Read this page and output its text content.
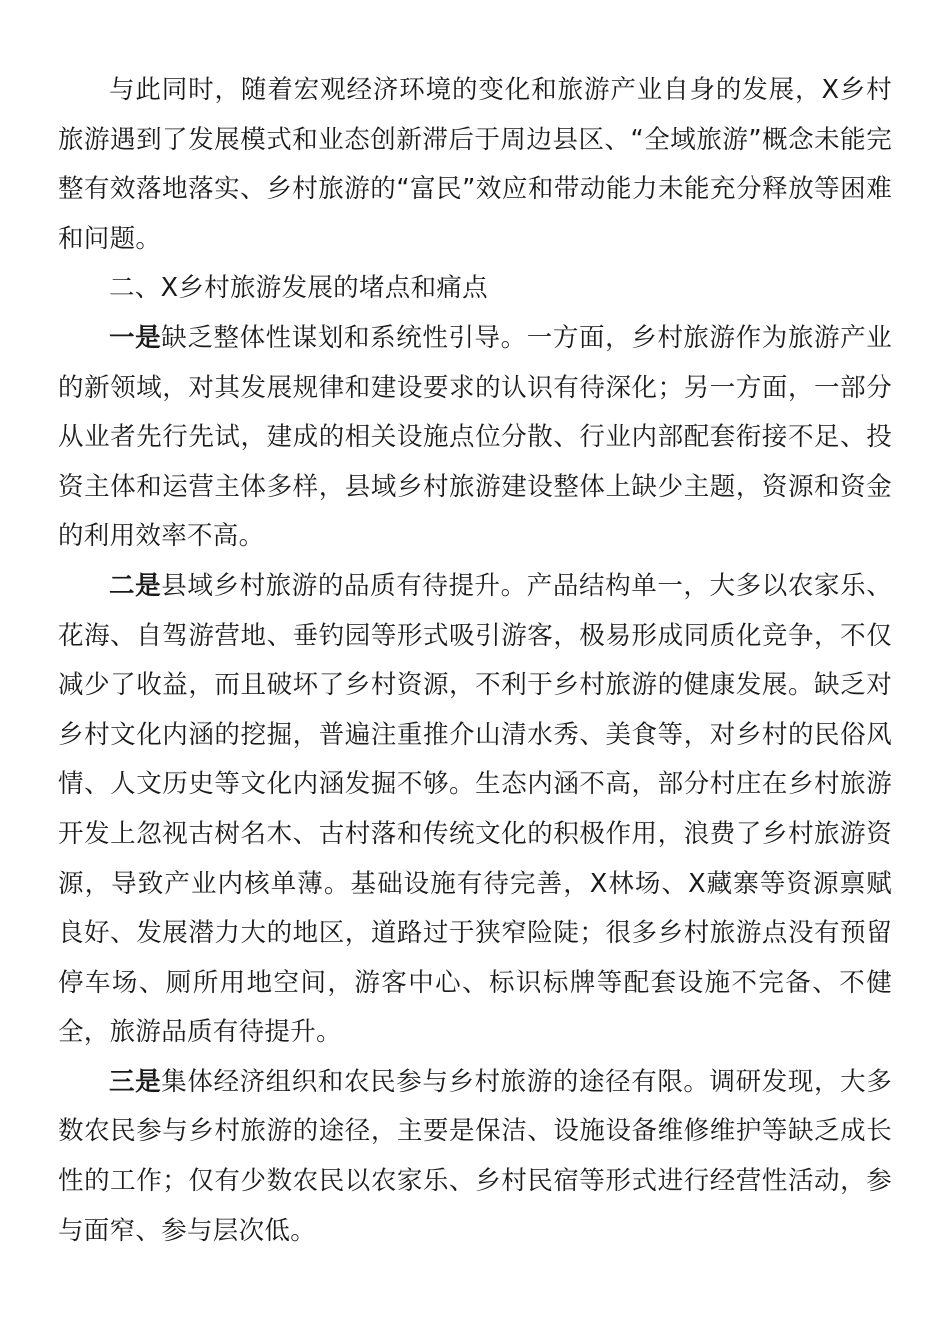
与此同时，随着宏观经济环境的变化和旅游产业自身的发展，X乡村旅游遇到了发展模式和业态创新滞后于周边县区、“全域旅游”概念未能完整有效落地落实、乡村旅游的“富民”效应和带动能力未能充分释放等困难和问题。

二、X乡村旅游发展的堵点和痛点

一是缺乏整体性谋划和系统性引导。一方面，乡村旅游作为旅游产业的新领域，对其发展规律和建设要求的认识有待深化；另一方面，一部分从业者先行先试，建成的相关设施点位分散、行业内部配套衔接不足、投资主体和运营主体多样，县域乡村旅游建设整体上缺少主题，资源和资金的利用效率不高。

二是县域乡村旅游的品质有待提升。产品结构单一，大多以农家乐、花海、自驾游营地、垂钓园等形式吸引游客，极易形成同质化竞争，不仅减少了收益，而且破坏了乡村资源，不利于乡村旅游的健康发展。缺乏对乡村文化内涵的挖掘，普遍注重推介山清水秀、美食等，对乡村的民俗风情、人文历史等文化内涵发掘不够。生态内涵不高，部分村庄在乡村旅游开发上忽视古树名木、古村落和传统文化的积极作用，浪费了乡村旅游资源，导致产业内核单薄。基础设施有待完善，X林场、X藏寨等资源禀赋良好、发展潜力大的地区，道路过于狭窄险陡；很多乡村旅游点没有预留停车场、厕所用地空间，游客中心、标识标牌等配套设施不完备、不健全，旅游品质有待提升。

三是集体经济组织和农民参与乡村旅游的途径有限。调研发现，大多数农民参与乡村旅游的途径，主要是保洁、设施设备维修维护等缺乏成长性的工作；仅有少数农民以农家乐、乡村民宿等形式进行经营性活动，参与面窄、参与层次低。
